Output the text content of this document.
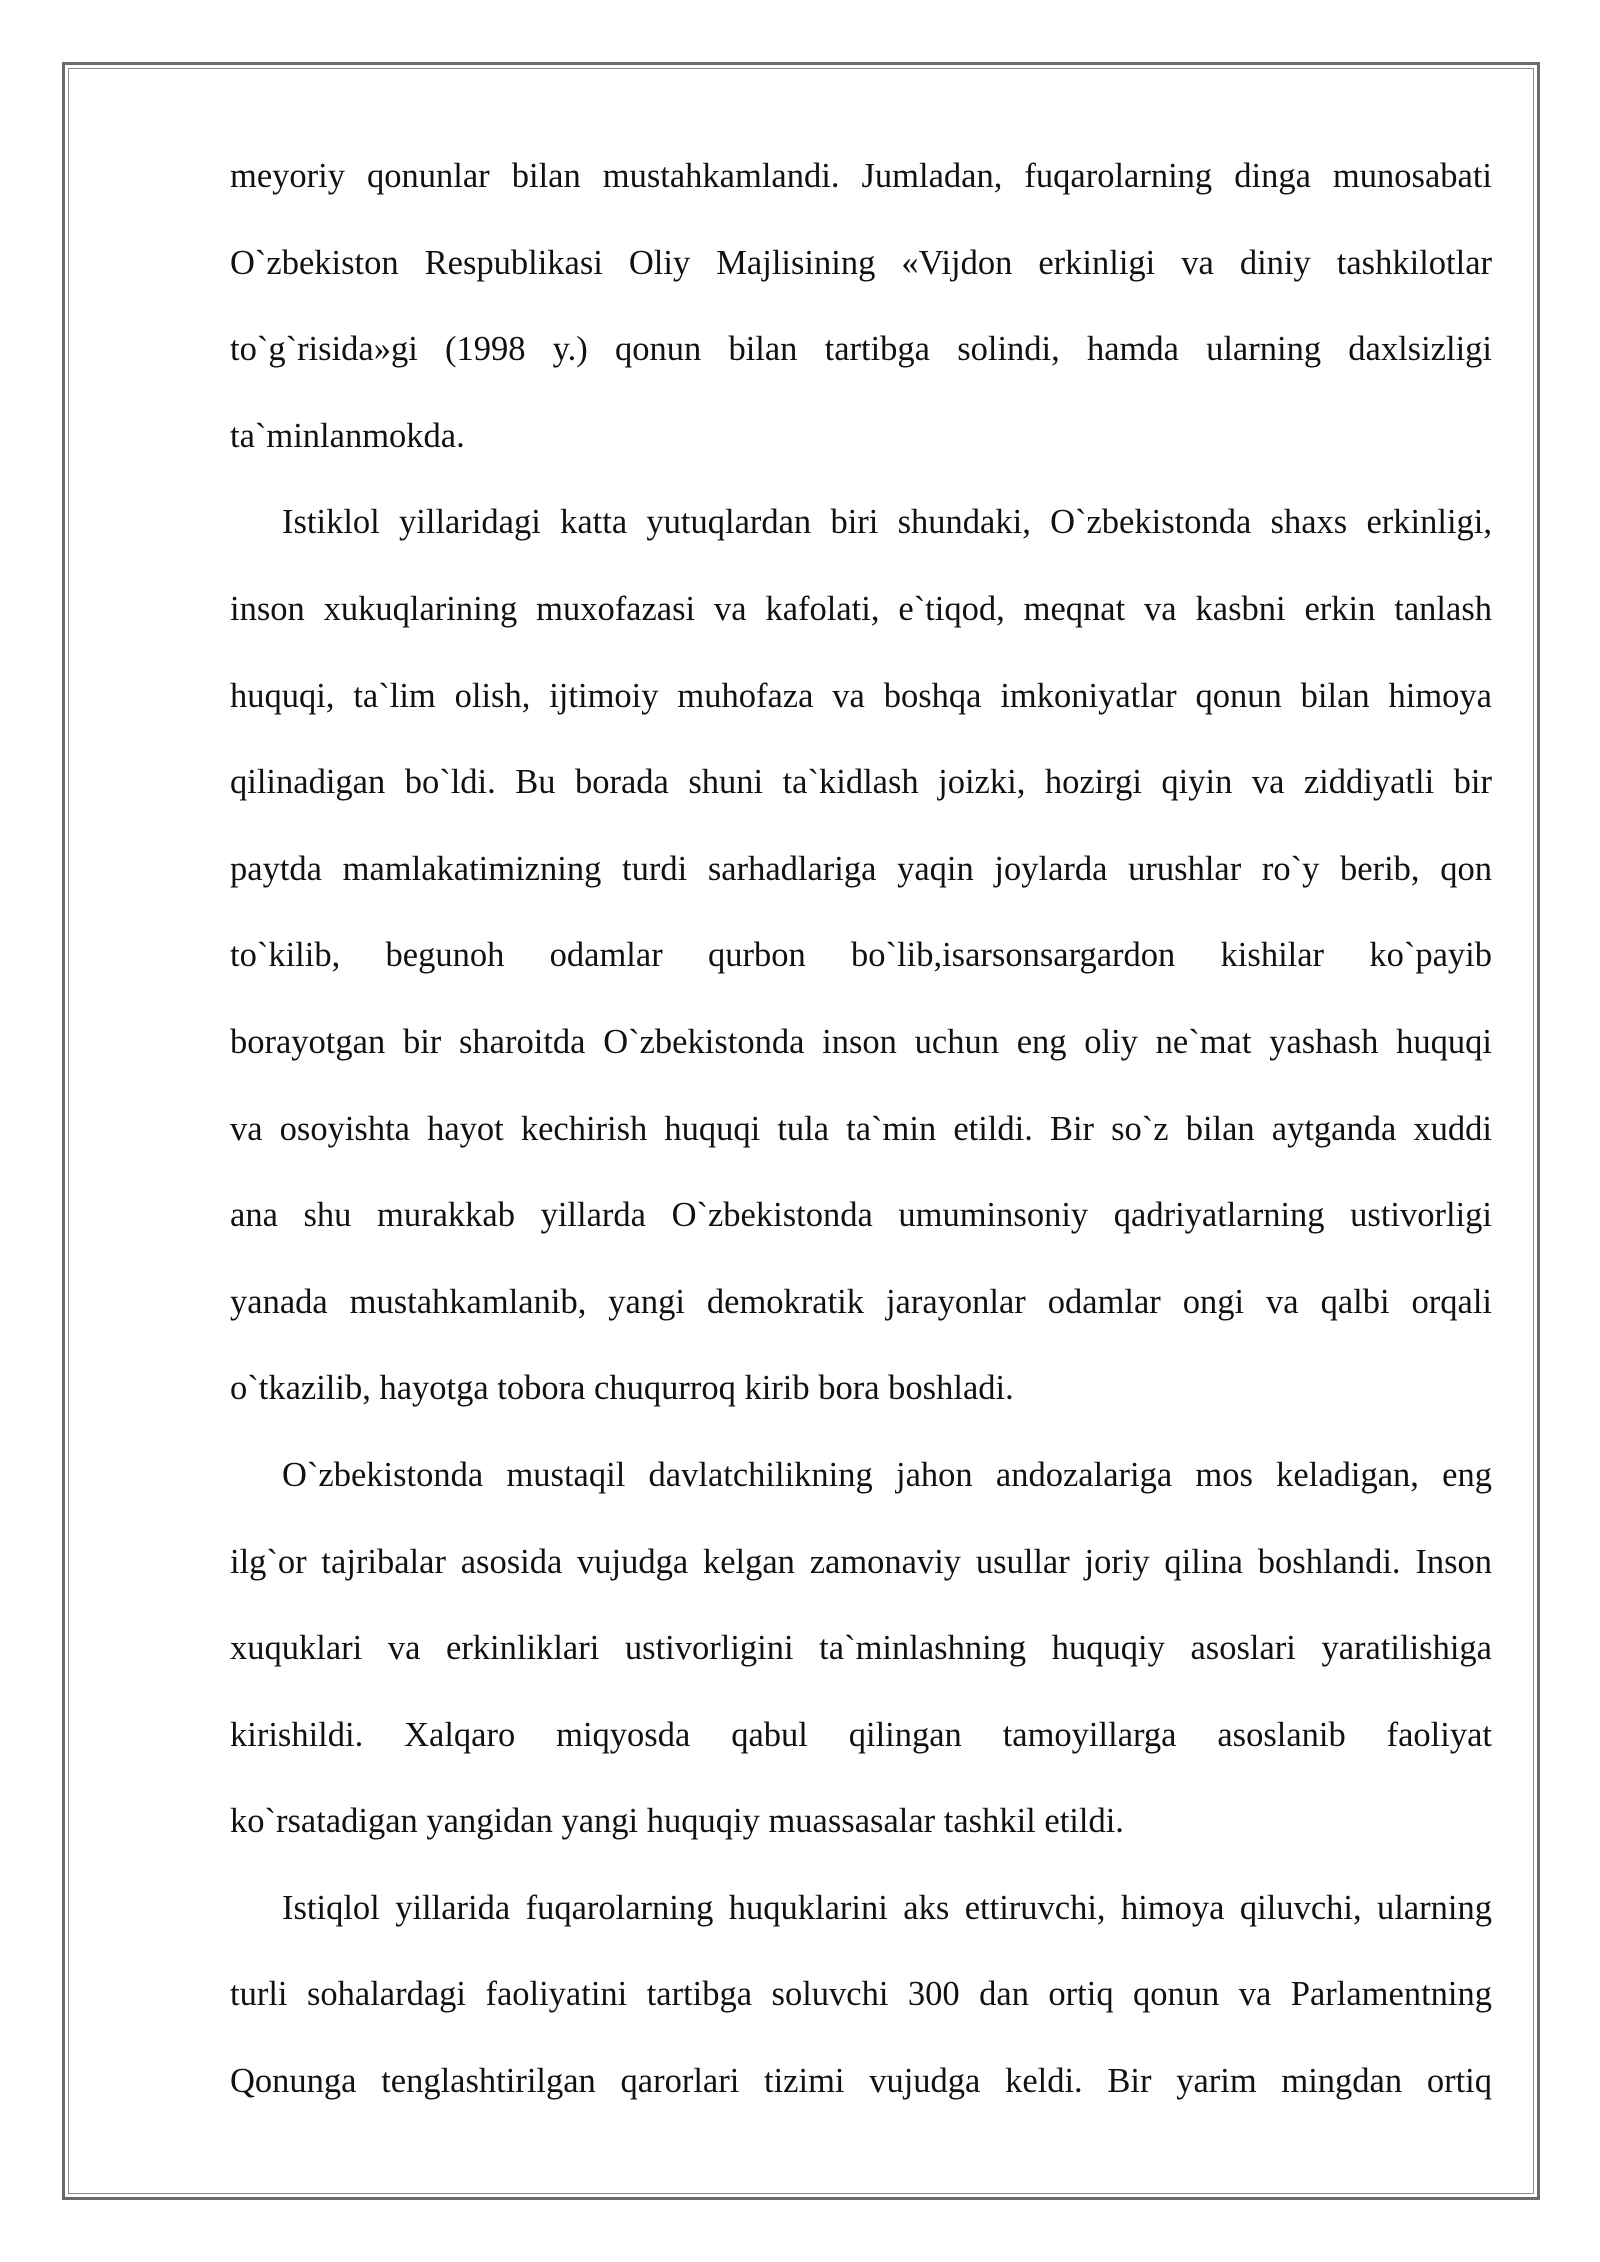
meyoriy qonunlar bilan mustahkamlandi. Jumladan, fuqarolarning dinga munosabati
O`zbekiston Respublikasi Oliy Majlisining «Vijdon erkinligi va diniy tashkilotlar
to`g`risida»gi (1998 y.) qonun bilan tartibga solindi, hamda ularning daxlsizligi
ta`minlanmokda.
Istiklol yillaridagi katta yutuqlardan biri shundaki, O`zbekistonda shaxs erkinligi,
inson xukuqlarining muxofazasi va kafolati, e`tiqod, meqnat va kasbni erkin tanlash
huquqi, ta`lim olish, ijtimoiy muhofaza va boshqa imkoniyatlar qonun bilan himoya
qilinadigan bo`ldi. Bu borada shuni ta`kidlash joizki, hozirgi qiyin va ziddiyatli bir
paytda mamlakatimizning turdi sarhadlariga yaqin joylarda urushlar ro`y berib, qon
to`kilib, begunoh odamlar qurbon bo`lib,isarsonsargardon kishilar ko`payib
borayotgan bir sharoitda O`zbekistonda inson uchun eng oliy ne`mat yashash huquqi
va osoyishta hayot kechirish huquqi tula ta`min etildi. Bir so`z bilan aytganda xuddi
ana shu murakkab yillarda O`zbekistonda umuminsoniy qadriyatlarning ustivorligi
yanada mustahkamlanib, yangi demokratik jarayonlar odamlar ongi va qalbi orqali
o`tkazilib, hayotga tobora chuqurroq kirib bora boshladi.
O`zbekistonda mustaqil davlatchilikning jahon andozalariga mos keladigan, eng
ilg`or tajribalar asosida vujudga kelgan zamonaviy usullar joriy qilina boshlandi. Inson
xuquklari va erkinliklari ustivorligini ta`minlashning huquqiy asoslari yaratilishiga
kirishildi. Xalqaro miqyosda qabul qilingan tamoyillarga asoslanib faoliyat
ko`rsatadigan yangidan yangi huquqiy muassasalar tashkil etildi.
Istiqlol yillarida fuqarolarning huquklarini aks ettiruvchi, himoya qiluvchi, ularning
turli sohalardagi faoliyatini tartibga soluvchi 300 dan ortiq qonun va Parlamentning
Qonunga tenglashtirilgan qarorlari tizimi vujudga keldi. Bir yarim mingdan ortiq
